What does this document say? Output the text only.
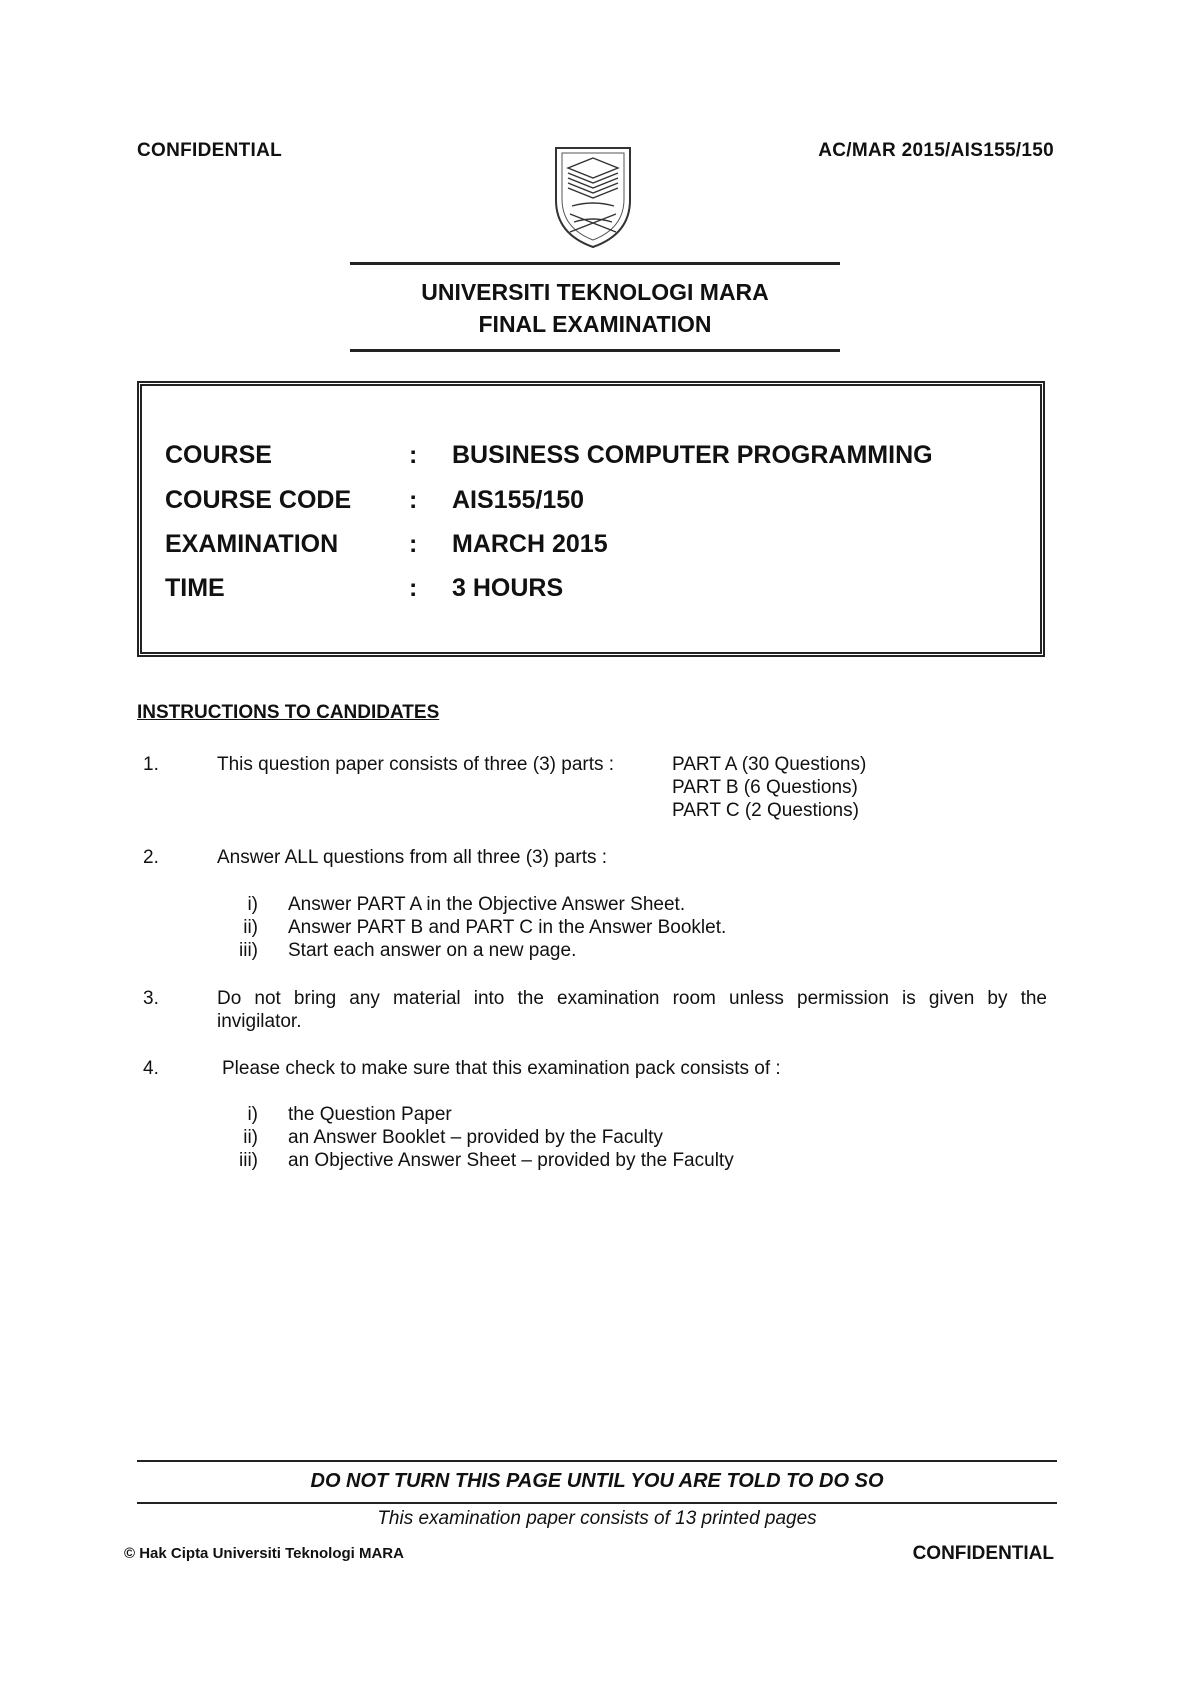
CONFIDENTIAL	AC/MAR 2015/AIS155/150
UNIVERSITI TEKNOLOGI MARA
FINAL EXAMINATION
COURSE	: BUSINESS COMPUTER PROGRAMMING
COURSE CODE : AIS155/150
EXAMINATION	: MARCH 2015
TIME	: 3 HOURS
INSTRUCTIONS TO CANDIDATES
1.	This question paper consists of three (3) parts :	PART A (30 Questions)
PART B (6 Questions)
PART C (2 Questions)
2.	Answer ALL questions from all three (3) parts :
i) Answer PART A in the Objective Answer Sheet.
ii) Answer PART B and PART C in the Answer Booklet.
iii) Start each answer on a new page.
3.	Do not bring any material into the examination room unless permission is given by the
invigilator.
4.	Please check to make sure that this examination pack consists of :
i) the Question Paper
ii) an Answer Booklet – provided by the Faculty
iii) an Objective Answer Sheet – provided by the Faculty
DO NOT TURN THIS PAGE UNTIL YOU ARE TOLD TO DO SO
This examination paper consists of 13 printed pages
© Hak Cipta Universiti Teknologi MARA	CONFIDENTIAL
